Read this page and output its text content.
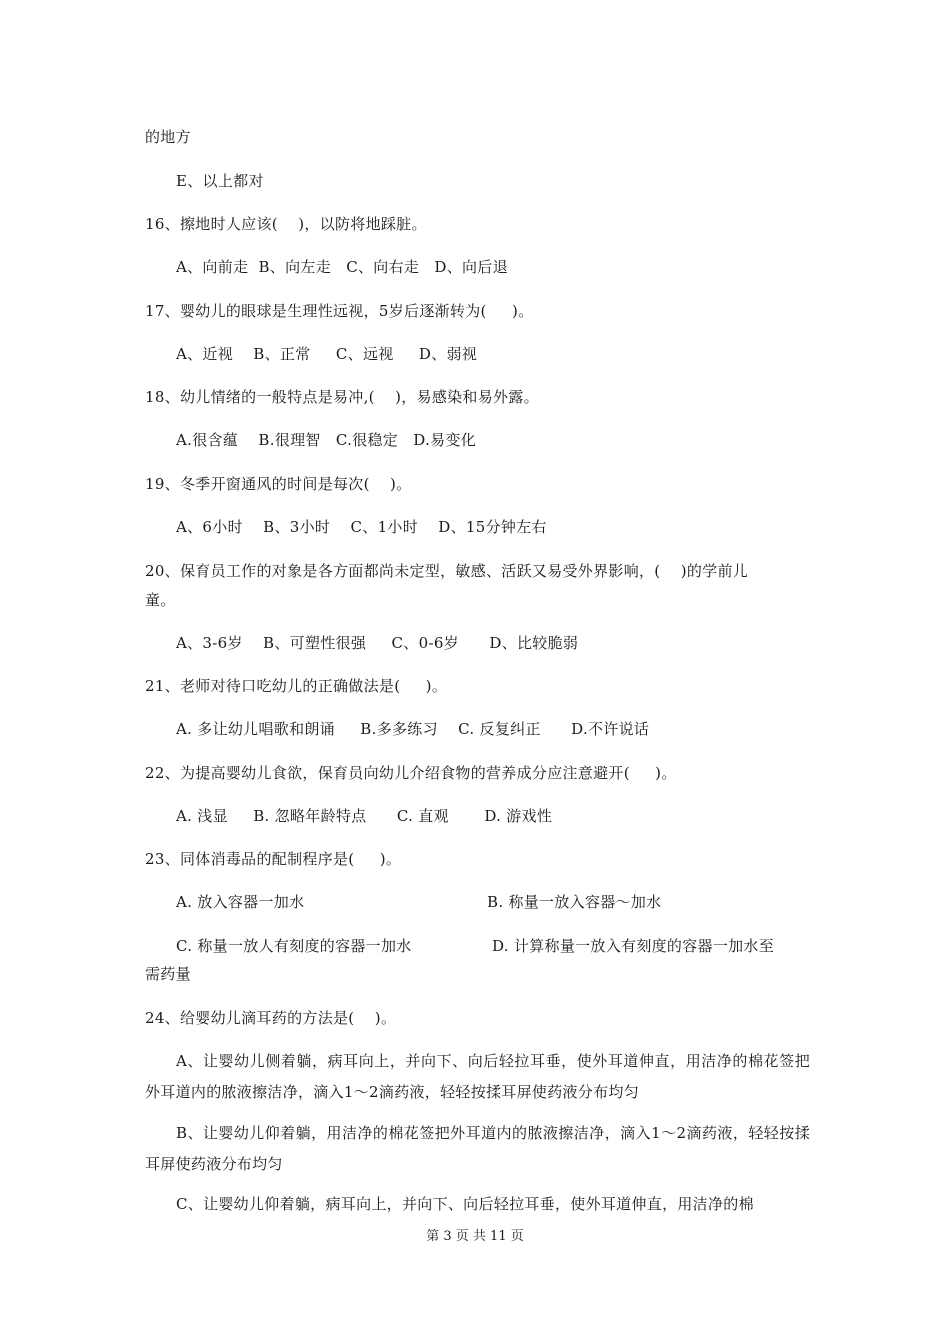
的地方
E、以上都对
16、擦地时人应该(    )，以防将地踩脏。
A、向前走  B、向左走   C、向右走   D、向后退
17、婴幼儿的眼球是生理性远视，5岁后逐渐转为(     )。
A、近视    B、正常     C、远视     D、弱视
18、幼儿情绪的一般特点是易冲,(    )，易感染和易外露。
A.很含蕴    B.很理智   C.很稳定   D.易变化
19、冬季开窗通风的时间是每次(    )。
A、6小时    B、3小时    C、1小时    D、15分钟左右
20、保育员工作的对象是各方面都尚未定型，敏感、活跃又易受外界影响，(    )的学前儿
童。
A、3-6岁    B、可塑性很强     C、0-6岁      D、比较脆弱
21、老师对待口吃幼儿的正确做法是(     )。
A. 多让幼儿唱歌和朗诵     B.多多练习    C. 反复纠正      D.不许说话
22、为提高婴幼儿食欲，保育员向幼儿介绍食物的营养成分应注意避开(     )。
A. 浅显     B. 忽略年龄特点      C. 直观       D. 游戏性
23、同体消毒品的配制程序是(     )。
A. 放入容器一加水	B. 称量一放入容器～加水
C. 称量一放人有刻度的容器一加水	D. 计算称量一放入有刻度的容器一加水至
需药量
24、给婴幼儿滴耳药的方法是(    )。
A、让婴幼儿侧着躺，病耳向上，并向下、向后轻拉耳垂，使外耳道伸直，用洁净的棉花签把外耳道内的脓液擦洁净，滴入1～2滴药液，轻轻按揉耳屏使药液分布均匀
B、让婴幼儿仰着躺，用洁净的棉花签把外耳道内的脓液擦洁净，滴入1～2滴药液，轻轻按揉耳屏使药液分布均匀
C、让婴幼儿仰着躺，病耳向上，并向下、向后轻拉耳垂，使外耳道伸直，用洁净的棉
第 3 页 共 11 页
